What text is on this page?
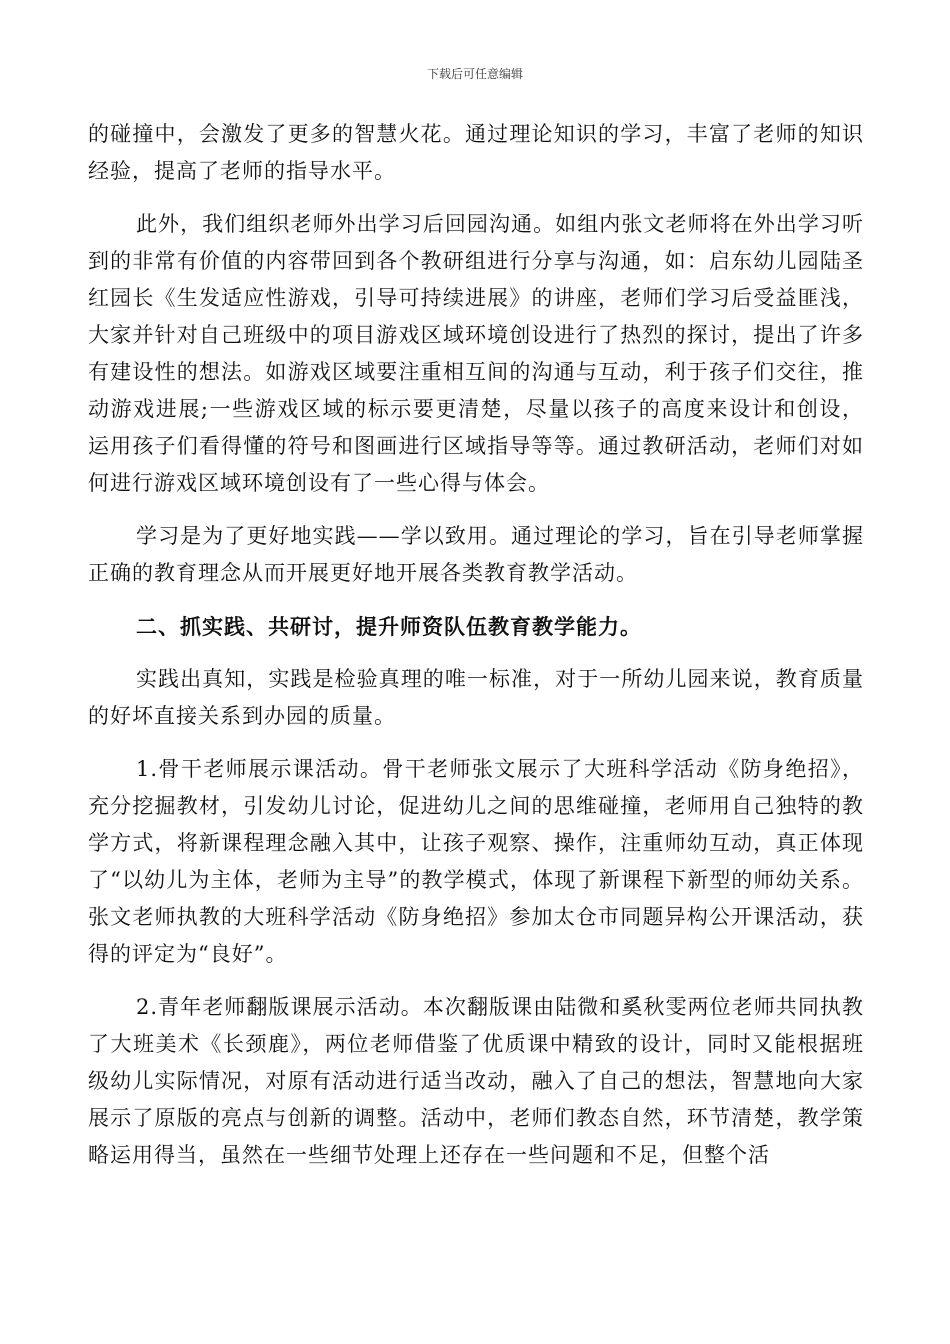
下载后可任意编辑

的碰撞中，会激发了更多的智慧火花。通过理论知识的学习，丰富了老师的知识经验，提高了老师的指导水平。

此外，我们组织老师外出学习后回园沟通。如组内张文老师将在外出学习听到的非常有价值的内容带回到各个教研组进行分享与沟通，如：启东幼儿园陆圣红园长《生发适应性游戏，引导可持续进展》的讲座，老师们学习后受益匪浅，大家并针对自己班级中的项目游戏区域环境创设进行了热烈的探讨，提出了许多有建设性的想法。如游戏区域要注重相互间的沟通与互动，利于孩子们交往，推动游戏进展;一些游戏区域的标示要更清楚，尽量以孩子的高度来设计和创设，运用孩子们看得懂的符号和图画进行区域指导等等。通过教研活动，老师们对如何进行游戏区域环境创设有了一些心得与体会。

学习是为了更好地实践——学以致用。通过理论的学习，旨在引导老师掌握正确的教育理念从而开展更好地开展各类教育教学活动。

二、抓实践、共研讨，提升师资队伍教育教学能力。

实践出真知，实践是检验真理的唯一标准，对于一所幼儿园来说，教育质量的好坏直接关系到办园的质量。

1.骨干老师展示课活动。骨干老师张文展示了大班科学活动《防身绝招》，充分挖掘教材，引发幼儿讨论，促进幼儿之间的思维碰撞，老师用自己独特的教学方式，将新课程理念融入其中，让孩子观察、操作，注重师幼互动，真正体现了“以幼儿为主体，老师为主导”的教学模式，体现了新课程下新型的师幼关系。张文老师执教的大班科学活动《防身绝招》参加太仓市同题异构公开课活动，获得的评定为“良好”。

2.青年老师翻版课展示活动。本次翻版课由陆微和奚秋雯两位老师共同执教了大班美术《长颈鹿》，两位老师借鉴了优质课中精致的设计，同时又能根据班级幼儿实际情况，对原有活动进行适当改动，融入了自己的想法，智慧地向大家展示了原版的亮点与创新的调整。活动中，老师们教态自然，环节清楚，教学策略运用得当，虽然在一些细节处理上还存在一些问题和不足，但整个活
